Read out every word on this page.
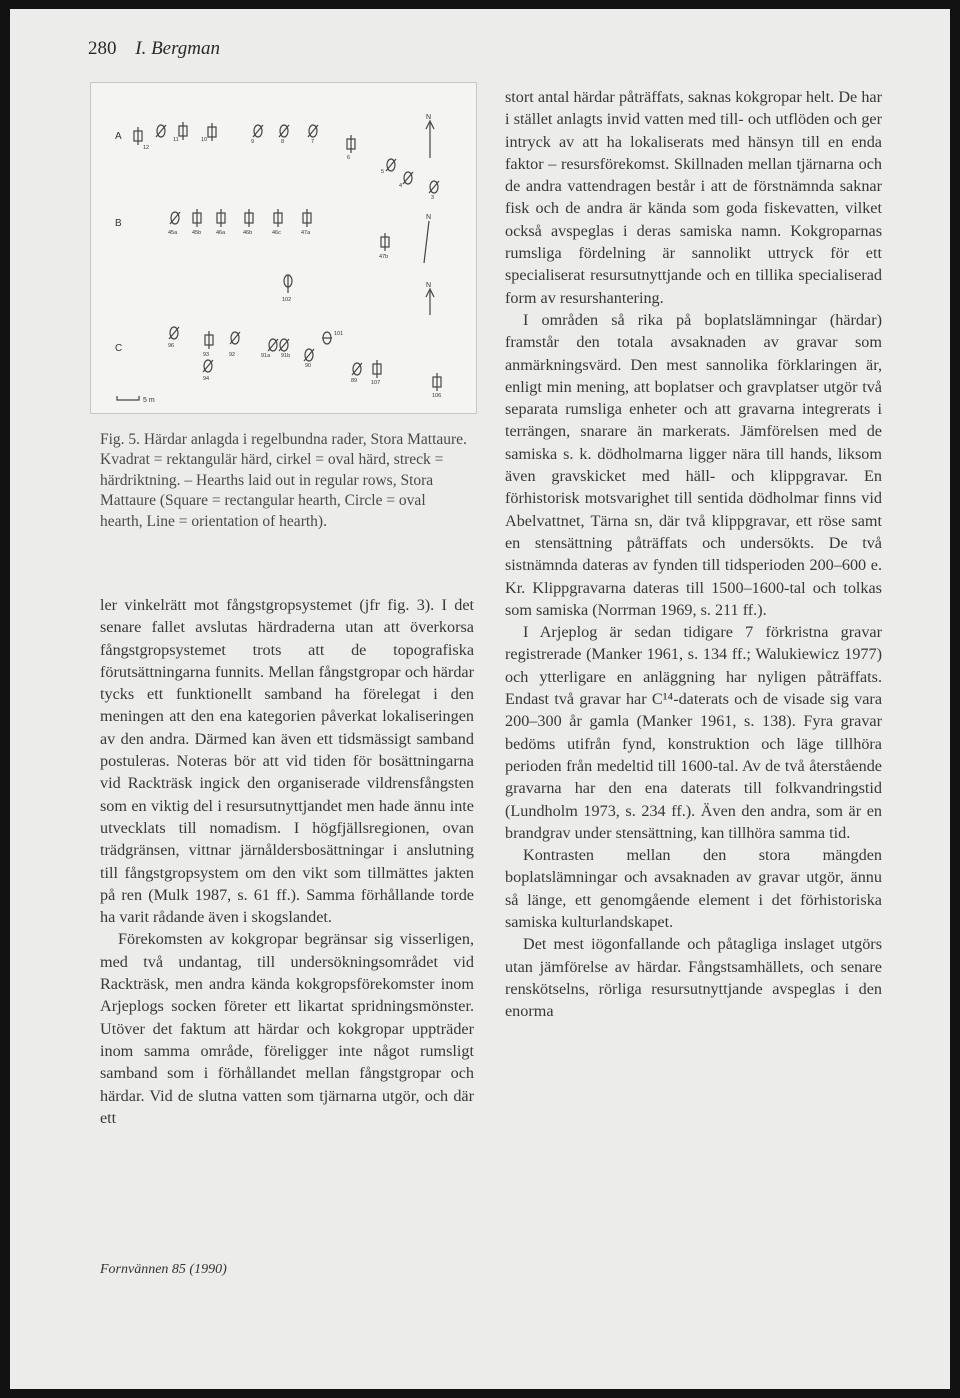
280 I. Bergman
A
B
C
N
N
N
5 m
12
11	10	9	8	7
6
5
4
3
45a	45b	46a	46b	46c	47a
47b
102
101
96
93	92
94
91a 91b
90
89	107
106
Fig. 5. Härdar anlagda i regelbundna rader, Stora Mattaure. Kvadrat = rektangulär härd, cirkel = oval härd, streck = härdriktning. – Hearths laid out in regular rows, Stora Mattaure (Square = rectangular hearth, Circle = oval hearth, Line = orientation of hearth).

ler vinkelrätt mot fångstgropsystemet (jfr fig. 3). I det senare fallet avslutas härdraderna utan att överkorsa fångstgropsystemet trots att de topografiska förutsättningarna funnits. Mellan fångstgropar och härdar tycks ett funktionellt samband ha förelegat i den meningen att den ena kategorien påverkat lokaliseringen av den andra. Därmed kan även ett tidsmässigt samband postuleras. Noteras bör att vid tiden för bosättningarna vid Rackträsk ingick den organiserade vildrensfångsten som en viktig del i resursutnyttjandet men hade ännu inte utvecklats till nomadism. I högfjällsregionen, ovan trädgränsen, vittnar järnåldersbosättningar i anslutning till fångstgropsystem om den vikt som tillmättes jakten på ren (Mulk 1987, s. 61 ff.). Samma förhållande torde ha varit rådande även i skogslandet.

Förekomsten av kokgropar begränsar sig visserligen, med två undantag, till undersökningsområdet vid Rackträsk, men andra kända kokgropsförekomster inom Arjeplogs socken företer ett likartat spridningsmönster. Utöver det faktum att härdar och kokgropar uppträder inom samma område, föreligger inte något rumsligt samband som i förhållandet mellan fångstgropar och härdar. Vid de slutna vatten som tjärnarna utgör, och där ett

stort antal härdar påträffats, saknas kokgropar helt. De har i stället anlagts invid vatten med till- och utflöden och ger intryck av att ha lokaliserats med hänsyn till en enda faktor – resursförekomst. Skillnaden mellan tjärnarna och de andra vattendragen består i att de förstnämnda saknar fisk och de andra är kända som goda fiskevatten, vilket också avspeglas i deras samiska namn. Kokgroparnas rumsliga fördelning är sannolikt uttryck för ett specialiserat resursutnyttjande och en tillika specialiserad form av resurshantering.

I områden så rika på boplatslämningar (härdar) framstår den totala avsaknaden av gravar som anmärkningsvärd. Den mest sannolika förklaringen är, enligt min mening, att boplatser och gravplatser utgör två separata rumsliga enheter och att gravarna integrerats i terrängen, snarare än markerats. Jämförelsen med de samiska s. k. dödholmarna ligger nära till hands, liksom även gravskicket med häll- och klippgravar. En förhistorisk motsvarighet till sentida dödholmar finns vid Abelvattnet, Tärna sn, där två klippgravar, ett röse samt en stensättning påträffats och undersökts. De två sistnämnda dateras av fynden till tidsperioden 200–600 e. Kr. Klippgravarna dateras till 1500–1600-tal och tolkas som samiska (Norrman 1969, s. 211 ff.).

I Arjeplog är sedan tidigare 7 förkristna gravar registrerade (Manker 1961, s. 134 ff.; Walukiewicz 1977) och ytterligare en anläggning har nyligen påträffats. Endast två gravar har C¹⁴-daterats och de visade sig vara 200–300 år gamla (Manker 1961, s. 138). Fyra gravar bedöms utifrån fynd, konstruktion och läge tillhöra perioden från medeltid till 1600-tal. Av de två återstående gravarna har den ena daterats till folkvandringstid (Lundholm 1973, s. 234 ff.). Även den andra, som är en brandgrav under stensättning, kan tillhöra samma tid.

Kontrasten mellan den stora mängden boplatslämningar och avsaknaden av gravar utgör, ännu så länge, ett genomgående element i det förhistoriska samiska kulturlandskapet.

Det mest iögonfallande och påtagliga inslaget utgörs utan jämförelse av härdar. Fångstsamhällets, och senare renskötselns, rörliga resursutnyttjande avspeglas i den enorma

Fornvännen 85 (1990)
